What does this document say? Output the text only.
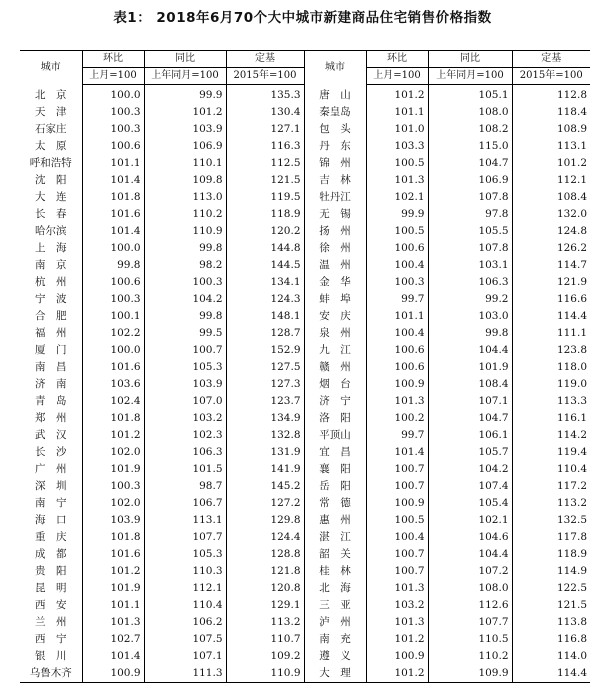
表1： 2018年6月70个大中城市新建商品住宅销售价格指数
城市	环比	同比	定基	城市	环比	同比	定基
	上月=100	上年同月=100	2015年=100		上月=100	上年同月=100	2015年=100
北　京	100.0	99.9	135.3	唐　山	101.2	105.1	112.8
天　津	100.3	101.2	130.4	秦皇岛	101.1	108.0	118.4
石家庄	100.3	103.9	127.1	包　头	101.0	108.2	108.9
太　原	100.6	106.9	116.3	丹　东	103.3	115.0	113.1
呼和浩特	101.1	110.1	112.5	锦　州	100.5	104.7	101.2
沈　阳	101.4	109.8	121.5	吉　林	101.3	106.9	112.1
大　连	101.8	113.0	119.5	牡丹江	102.1	107.8	108.4
长　春	101.6	110.2	118.9	无　锡	99.9	97.8	132.0
哈尔滨	101.4	110.9	120.2	扬　州	100.5	105.5	124.8
上　海	100.0	99.8	144.8	徐　州	100.6	107.8	126.2
南　京	99.8	98.2	144.5	温　州	100.4	103.1	114.7
杭　州	100.6	100.3	134.1	金　华	100.3	106.3	121.9
宁　波	100.3	104.2	124.3	蚌　埠	99.7	99.2	116.6
合　肥	100.1	99.8	148.1	安　庆	101.1	103.0	114.4
福　州	102.2	99.5	128.7	泉　州	100.4	99.8	111.1
厦　门	100.0	100.7	152.9	九　江	100.6	104.4	123.8
南　昌	101.6	105.3	127.5	赣　州	100.6	101.9	118.0
济　南	103.6	103.9	127.3	烟　台	100.9	108.4	119.0
青　岛	102.4	107.0	123.7	济　宁	101.3	107.1	113.3
郑　州	101.8	103.2	134.9	洛　阳	100.2	104.7	116.1
武　汉	101.2	102.3	132.8	平顶山	99.7	106.1	114.2
长　沙	102.0	106.3	131.9	宜　昌	101.4	105.7	119.4
广　州	101.9	101.5	141.9	襄　阳	100.7	104.2	110.4
深　圳	100.3	98.7	145.2	岳　阳	100.7	107.4	117.2
南　宁	102.0	106.7	127.2	常　德	100.9	105.4	113.2
海　口	103.9	113.1	129.8	惠　州	100.5	102.1	132.5
重　庆	101.8	107.7	124.4	湛　江	100.4	104.6	117.8
成　都	101.6	105.3	128.8	韶　关	100.7	104.4	118.9
贵　阳	101.2	110.3	121.8	桂　林	100.7	107.2	114.9
昆　明	101.9	112.1	120.8	北　海	101.3	108.0	122.5
西　安	101.1	110.4	129.1	三　亚	103.2	112.6	121.5
兰　州	101.3	106.2	113.2	泸　州	101.3	107.7	113.8
西　宁	102.7	107.5	110.7	南　充	101.2	110.5	116.8
银　川	101.4	107.1	109.2	遵　义	100.9	110.2	114.0
乌鲁木齐	100.9	111.3	110.9	大　理	101.2	109.9	114.4
